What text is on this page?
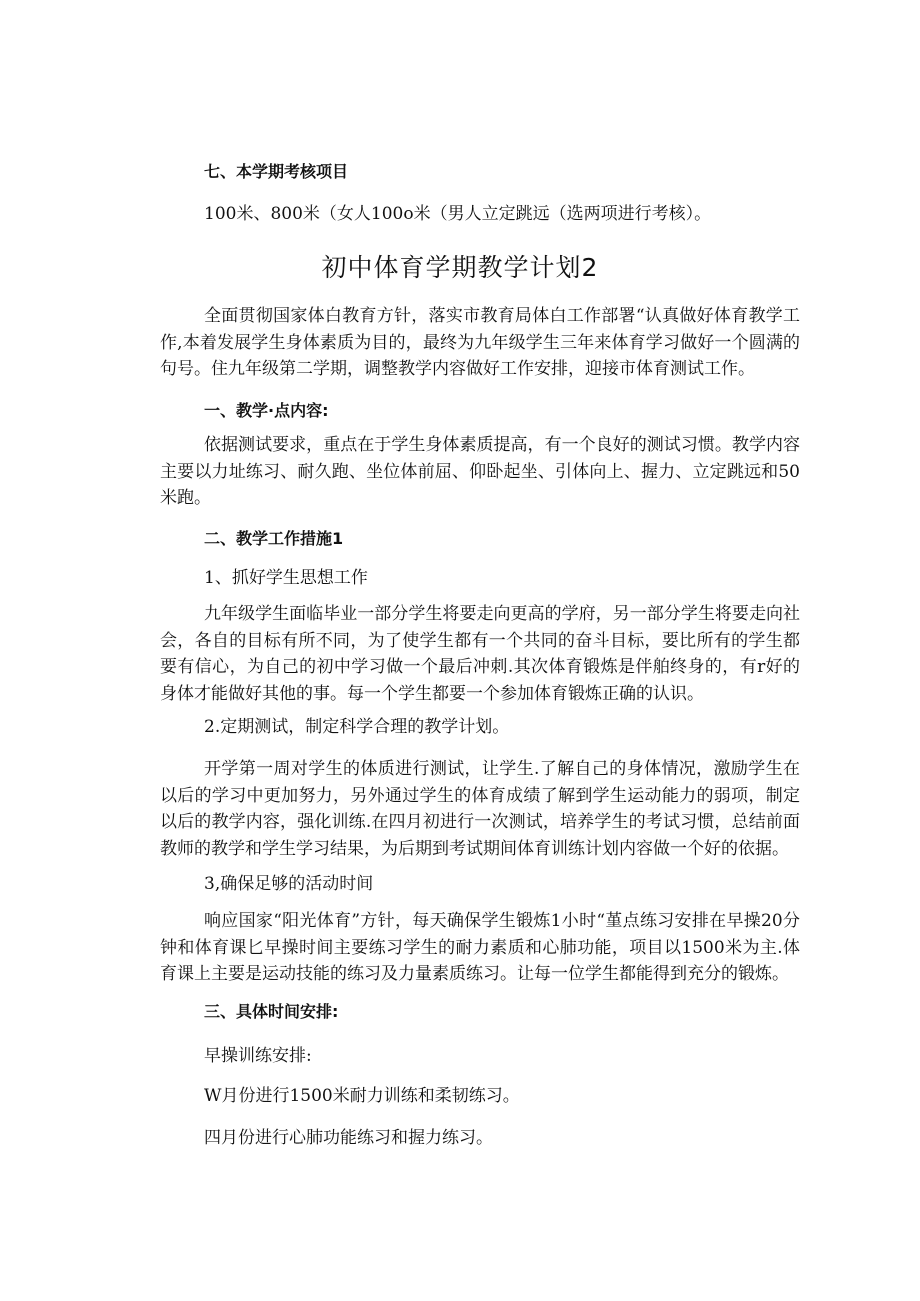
七、本学期考核项目

100米、800米（女人100o米（男人立定跳远（选两项进行考核）。

初中体育学期教学计划2

全面贯彻国家体白教育方针，落实市教育局体白工作部署“认真做好体育教学工作,本着发展学生身体素质为目的，最终为九年级学生三年来体育学习做好一个圆满的句号。住九年级第二学期，调整教学内容做好工作安排，迎接市体育测试工作。

一、教学·点内容:

依据测试要求，重点在于学生身体素质提高，有一个良好的测试习惯。教学内容主要以力址练习、耐久跑、坐位体前屈、仰卧起坐、引体向上、握力、立定跳远和50米跑。

二、教学工作措施1

1、抓好学生思想工作

九年级学生面临毕业一部分学生将要走向更高的学府，另一部分学生将要走向社会，各自的目标有所不同，为了使学生都有一个共同的奋斗目标，要比所有的学生都要有信心，为自己的初中学习做一个最后冲刺.其次体育锻炼是伴舶终身的，有r好的身体才能做好其他的事。每一个学生都要一个参加体育锻炼正确的认识。

2.定期测试，制定科学合理的教学计划。

开学第一周对学生的体质进行测试，让学生.了解自己的身体情况，激励学生在以后的学习中更加努力，另外通过学生的体育成绩了解到学生运动能力的弱项，制定以后的教学内容，强化训练.在四月初进行一次测试，培养学生的考试习惯，总结前面教师的教学和学生学习结果，为后期到考试期间体育训练计划内容做一个好的依据。

3,确保足够的活动时间

响应国家“阳光体育”方针，每天确保学生锻炼1小时“堇点练习安排在早操20分钟和体育课匕早操时间主要练习学生的耐力素质和心肺功能，项目以1500米为主.体育课上主要是运动技能的练习及力量素质练习。让每一位学生都能得到充分的锻炼。

三、具体时间安排:

早操训练安排:

W月份进行1500米耐力训练和柔韧练习。

四月份进行心肺功能练习和握力练习。
